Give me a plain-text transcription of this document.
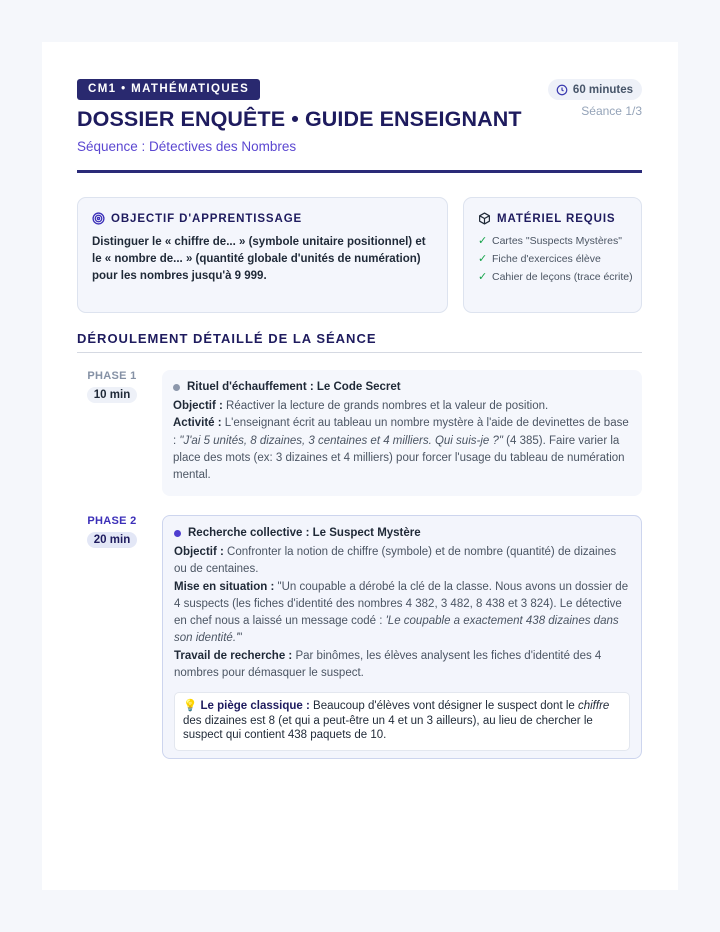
CM1 • MATHÉMATIQUES
DOSSIER ENQUÊTE • GUIDE ENSEIGNANT
Séquence : Détectives des Nombres
60 minutes
Séance 1/3
OBJECTIF D'APPRENTISSAGE
Distinguer le « chiffre de... » (symbole unitaire positionnel) et le « nombre de... » (quantité globale d'unités de numération) pour les nombres jusqu'à 9 999.
MATÉRIEL REQUIS
✓ Cartes "Suspects Mystères"
✓ Fiche d'exercices élève
✓ Cahier de leçons (trace écrite)
DÉROULEMENT DÉTAILLÉ DE LA SÉANCE
PHASE 1
10 min
Rituel d'échauffement : Le Code Secret
Objectif : Réactiver la lecture de grands nombres et la valeur de position.
Activité : L'enseignant écrit au tableau un nombre mystère à l'aide de devinettes de base : "J'ai 5 unités, 8 dizaines, 3 centaines et 4 milliers. Qui suis-je ?" (4 385). Faire varier la place des mots (ex: 3 dizaines et 4 milliers) pour forcer l'usage du tableau de numération mental.
PHASE 2
20 min
Recherche collective : Le Suspect Mystère
Objectif : Confronter la notion de chiffre (symbole) et de nombre (quantité) de dizaines ou de centaines.
Mise en situation : "Un coupable a dérobé la clé de la classe. Nous avons un dossier de 4 suspects (les fiches d'identité des nombres 4 382, 3 482, 8 438 et 3 824). Le détective en chef nous a laissé un message codé : 'Le coupable a exactement 438 dizaines dans son identité.'"
Travail de recherche : Par binômes, les élèves analysent les fiches d'identité des 4 nombres pour démasquer le suspect.
💡 Le piège classique : Beaucoup d'élèves vont désigner le suspect dont le chiffre des dizaines est 8 (et qui a peut-être un 4 et un 3 ailleurs), au lieu de chercher le suspect qui contient 438 paquets de 10.
